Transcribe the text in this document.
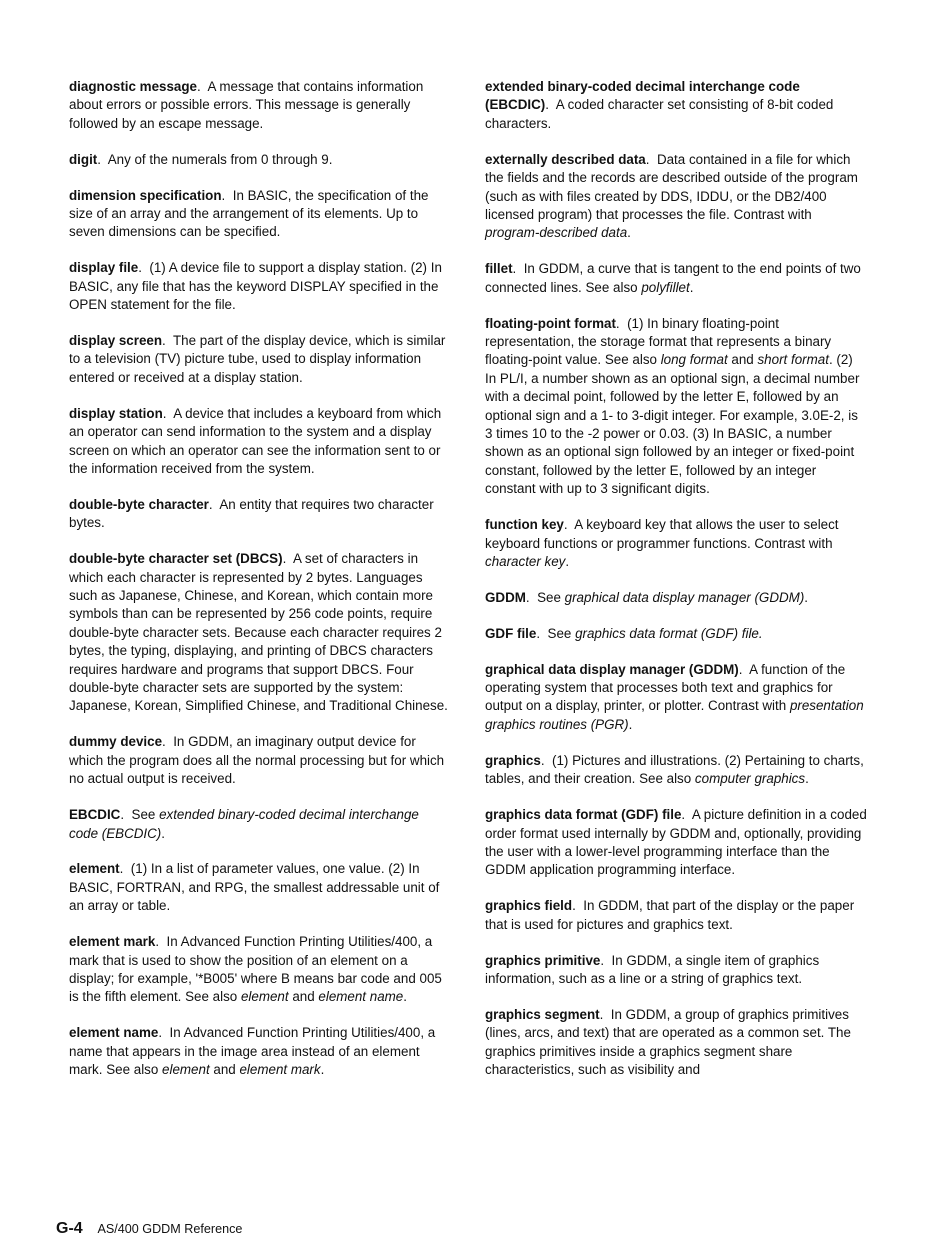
diagnostic message.  A message that contains information about errors or possible errors. This message is generally followed by an escape message.

digit.  Any of the numerals from 0 through 9.

dimension specification.  In BASIC, the specification of the size of an array and the arrangement of its elements. Up to seven dimensions can be specified.

display file.  (1) A device file to support a display station. (2) In BASIC, any file that has the keyword DISPLAY specified in the OPEN statement for the file.

display screen.  The part of the display device, which is similar to a television (TV) picture tube, used to display information entered or received at a display station.

display station.  A device that includes a keyboard from which an operator can send information to the system and a display screen on which an operator can see the information sent to or the information received from the system.

double-byte character.  An entity that requires two character bytes.

double-byte character set (DBCS).  A set of characters in which each character is represented by 2 bytes. Languages such as Japanese, Chinese, and Korean, which contain more symbols than can be represented by 256 code points, require double-byte character sets. Because each character requires 2 bytes, the typing, displaying, and printing of DBCS characters requires hardware and programs that support DBCS. Four double-byte character sets are supported by the system: Japanese, Korean, Simplified Chinese, and Traditional Chinese.

dummy device.  In GDDM, an imaginary output device for which the program does all the normal processing but for which no actual output is received.

EBCDIC.  See extended binary-coded decimal interchange code (EBCDIC).

element.  (1) In a list of parameter values, one value. (2) In BASIC, FORTRAN, and RPG, the smallest addressable unit of an array or table.

element mark.  In Advanced Function Printing Utilities/400, a mark that is used to show the position of an element on a display; for example, '*B005' where B means bar code and 005 is the fifth element. See also element and element name.

element name.  In Advanced Function Printing Utilities/400, a name that appears in the image area instead of an element mark. See also element and element mark.

extended binary-coded decimal interchange code (EBCDIC).  A coded character set consisting of 8-bit coded characters.

externally described data.  Data contained in a file for which the fields and the records are described outside of the program (such as with files created by DDS, IDDU, or the DB2/400 licensed program) that processes the file. Contrast with program-described data.

fillet.  In GDDM, a curve that is tangent to the end points of two connected lines. See also polyfillet.

floating-point format.  (1) In binary floating-point representation, the storage format that represents a binary floating-point value. See also long format and short format. (2) In PL/I, a number shown as an optional sign, a decimal number with a decimal point, followed by the letter E, followed by an optional sign and a 1- to 3-digit integer. For example, 3.0E-2, is 3 times 10 to the -2 power or 0.03. (3) In BASIC, a number shown as an optional sign followed by an integer or fixed-point constant, followed by the letter E, followed by an integer constant with up to 3 significant digits.

function key.  A keyboard key that allows the user to select keyboard functions or programmer functions. Contrast with character key.

GDDM.  See graphical data display manager (GDDM).

GDF file.  See graphics data format (GDF) file.

graphical data display manager (GDDM).  A function of the operating system that processes both text and graphics for output on a display, printer, or plotter. Contrast with presentation graphics routines (PGR).

graphics.  (1) Pictures and illustrations. (2) Pertaining to charts, tables, and their creation. See also computer graphics.

graphics data format (GDF) file.  A picture definition in a coded order format used internally by GDDM and, optionally, providing the user with a lower-level programming interface than the GDDM application programming interface.

graphics field.  In GDDM, that part of the display or the paper that is used for pictures and graphics text.

graphics primitive.  In GDDM, a single item of graphics information, such as a line or a string of graphics text.

graphics segment.  In GDDM, a group of graphics primitives (lines, arcs, and text) that are operated as a common set. The graphics primitives inside a graphics segment share characteristics, such as visibility and

G-4 AS/400 GDDM Reference
